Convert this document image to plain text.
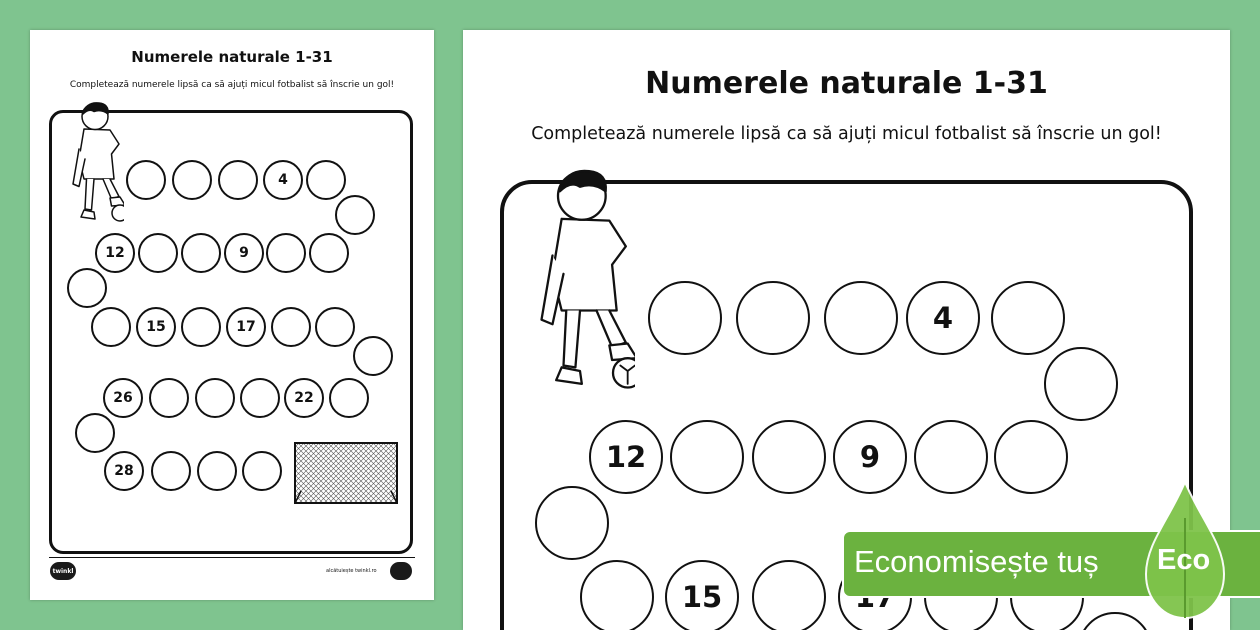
Numerele naturale 1-31
Completează numerele lipsă ca să ajuți micul fotbalist să înscrie un gol!
4
12	9
15	17
26	22
28
twinkl	alcătuiește twinkl.ro
Numerele naturale 1-31
Completează numerele lipsă ca să ajuți micul fotbalist să înscrie un gol!
4
12	9
15
Economisește tuș Eco
